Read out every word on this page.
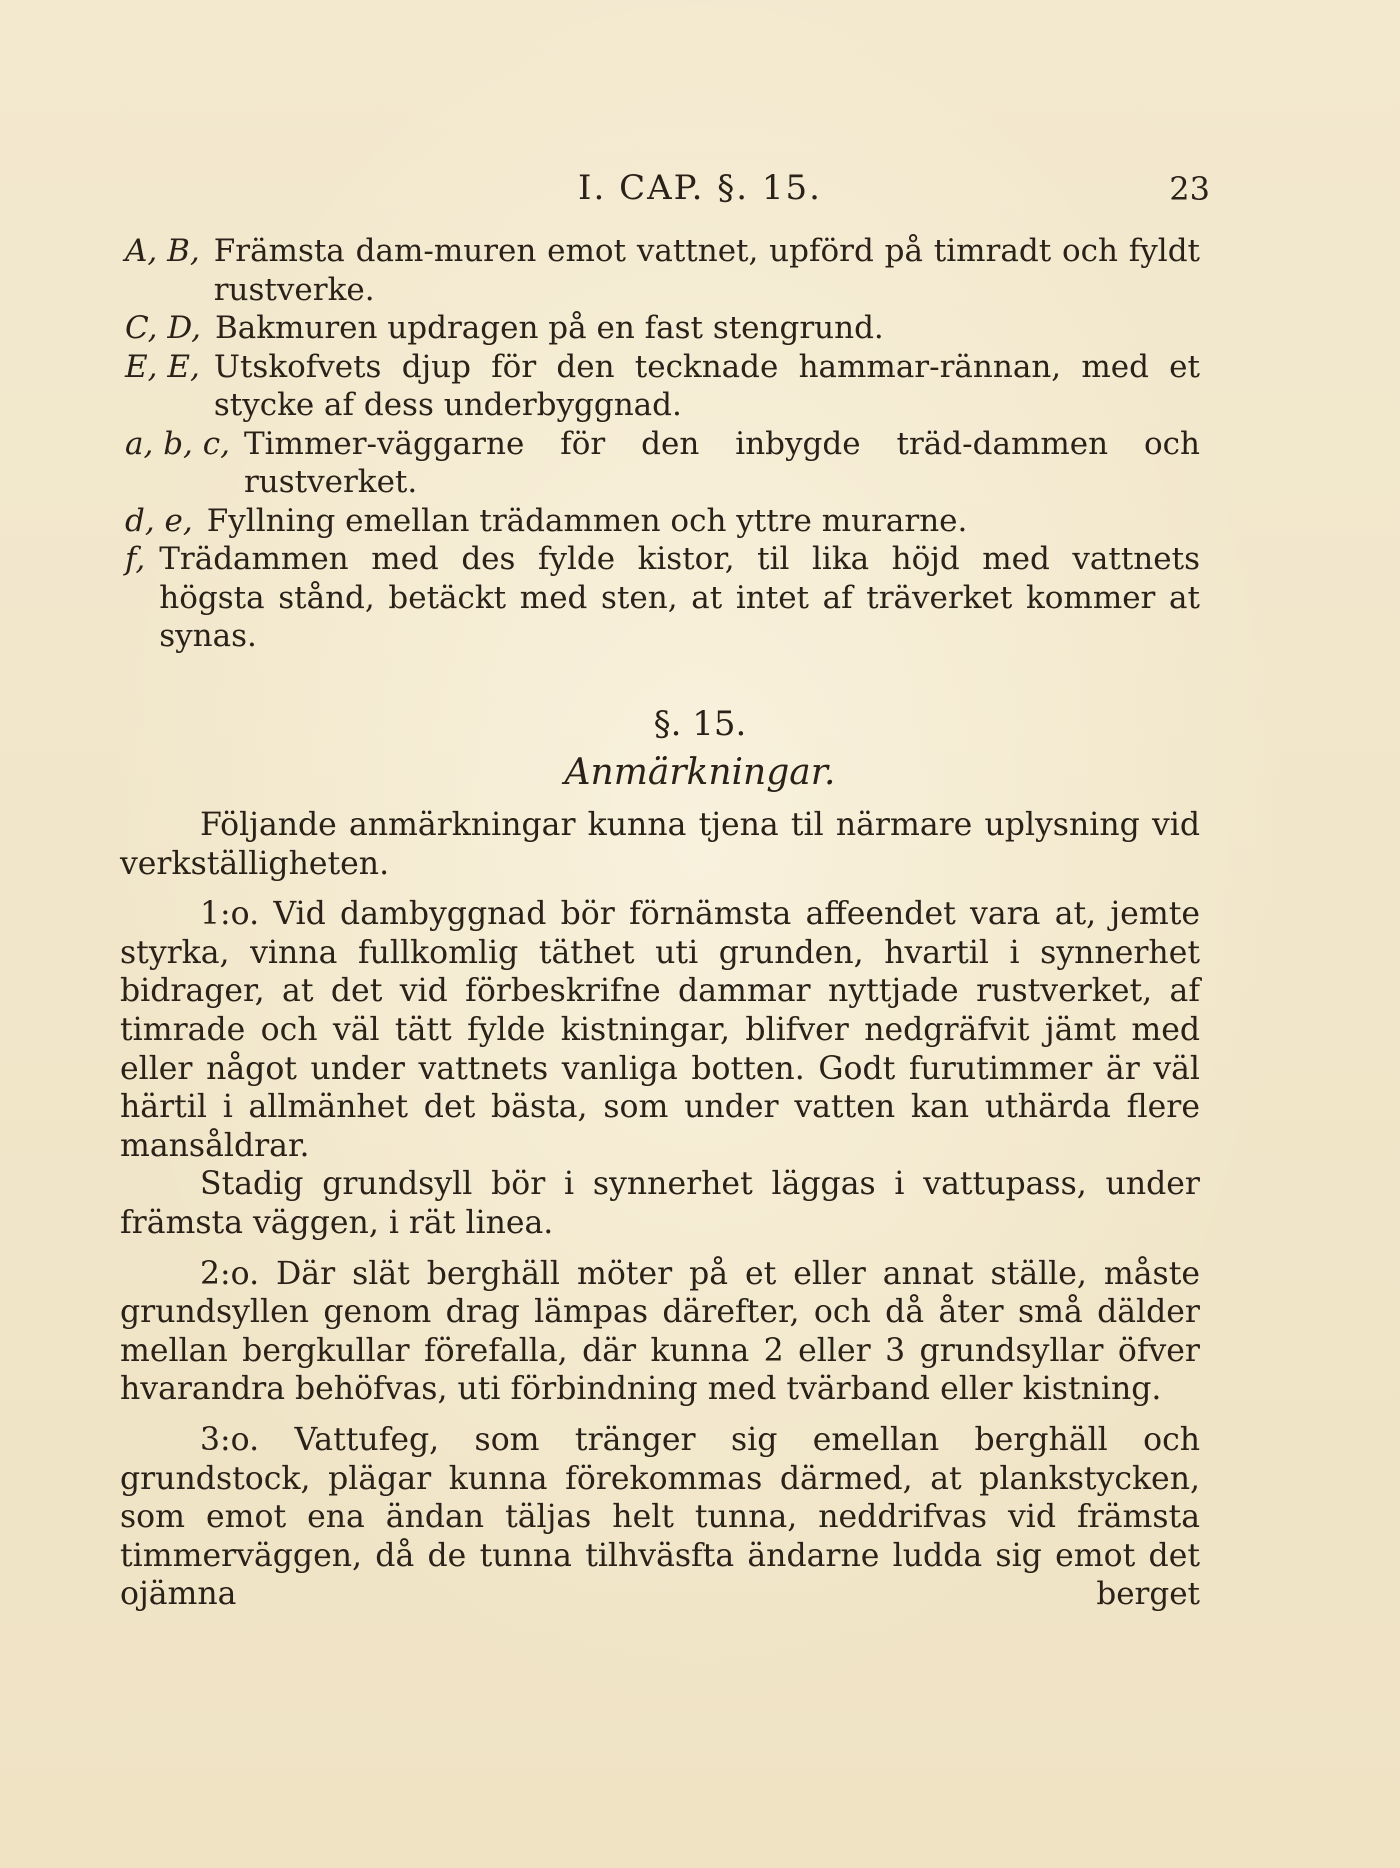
I. CAP. §. 15.	23
A, B, Främsta dam-muren emot vattnet, upförd på timradt och fyldt rustverke.
C, D, Bakmuren updragen på en fast stengrund.
E, E, Utskofvets djup för den tecknade hammar-rännan, med et stycke af dess underbyggnad.
a, b, c, Timmer-väggarne för den inbygde träd-dammen och rustverket.
d, e, Fyllning emellan trädammen och yttre murarne.
f, Trädammen med des fylde kistor, til lika höjd med vattnets högsta stånd, betäckt med sten, at intet af träverket kommer at synas.
§. 15.
Anmärkningar.

Följande anmärkningar kunna tjena til närmare uplysning vid verkställigheten.

1:o. Vid dambyggnad bör förnämsta affeendet vara at, jemte styrka, vinna fullkomlig täthet uti grunden, hvartil i synnerhet bidrager, at det vid förbeskrifne dammar nyttjade rustverket, af timrade och väl tätt fylde kistningar, blifver nedgräfvit jämt med eller något under vattnets vanliga botten. Godt furutimmer är väl härtil i allmänhet det bästa, som under vatten kan uthärda flere mansåldrar.

Stadig grundsyll bör i synnerhet läggas i vattupass, under främsta väggen, i rät linea.

2:o. Där slät berghäll möter på et eller annat ställe, måste grundsyllen genom drag lämpas därefter, och då åter små dälder mellan bergkullar förefalla, där kunna 2 eller 3 grundsyllar öfver hvarandra behöfvas, uti förbindning med tvärband eller kistning.

3:o. Vattufeg, som tränger sig emellan berghäll och grundstock, plägar kunna förekommas därmed, at plankstycken, som emot ena ändan täljas helt tunna, neddrifvas vid främsta timmerväggen, då de tunna tilhväsfta ändarne ludda sig emot det ojämna	berget
